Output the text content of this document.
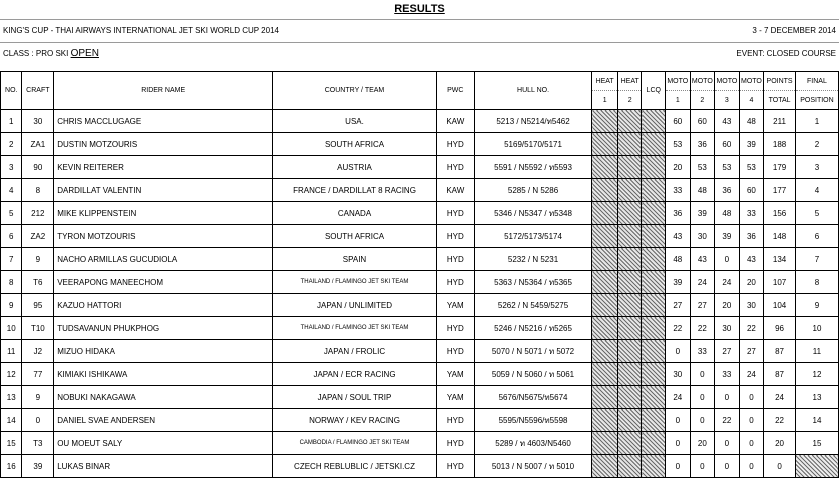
RESULTS
KING'S CUP - THAI AIRWAYS INTERNATIONAL JET SKI WORLD CUP 2014	3 - 7 DECEMBER 2014
CLASS : PRO SKI OPEN	EVENT: CLOSED COURSE
NO.	CRAFT	RIDER NAME	COUNTRY / TEAM	PWC	HULL NO.	HEAT	HEAT	LCQ	MOTO	MOTO	MOTO	MOTO	POINTS	FINAL
						1	2		1	2	3	4	TOTAL	POSITION
1	30	CHRIS MACCLUGAGE	USA.	KAW	5213 / N5214/ท5462				60	60	43	48	211	1
2	ZA1	DUSTIN MOTZOURIS	SOUTH AFRICA	HYD	5169/5170/5171				53	36	60	39	188	2
3	90	KEVIN REITERER	AUSTRIA	HYD	5591 / N5592 / ท5593				20	53	53	53	179	3
4	8	DARDILLAT VALENTIN	FRANCE / DARDILLAT 8 RACING	KAW	5285 / N 5286				33	48	36	60	177	4
5	212	MIKE KLIPPENSTEIN	CANADA	HYD	5346 / N5347 / ท5348				36	39	48	33	156	5
6	ZA2	TYRON MOTZOURIS	SOUTH AFRICA	HYD	5172/5173/5174				43	30	39	36	148	6
7	9	NACHO ARMILLAS GUCUDIOLA	SPAIN	HYD	5232 / N 5231				48	43	0	43	134	7
8	T6	VEERAPONG MANEECHOM	THAILAND / FLAMINGO JET SKI TEAM	HYD	5363 / N5364 / ท5365				39	24	24	20	107	8
9	95	KAZUO HATTORI	JAPAN / UNLIMITED	YAM	5262 / N 5459/5275				27	27	20	30	104	9
10	T10	TUDSAVANUN PHUKPHOG	THAILAND / FLAMINGO JET SKI TEAM	HYD	5246 / N5216 / ท5265				22	22	30	22	96	10
11	J2	MIZUO HIDAKA	JAPAN / FROLIC	HYD	5070 / N 5071 / ท 5072				0	33	27	27	87	11
12	77	KIMIAKI ISHIKAWA	JAPAN / ECR RACING	YAM	5059 / N 5060 / ท 5061				30	0	33	24	87	12
13	9	NOBUKI NAKAGAWA	JAPAN / SOUL TRIP	YAM	5676/N5675/ท5674				24	0	0	0	24	13
14	0	DANIEL SVAE ANDERSEN	NORWAY / KEV RACING	HYD	5595/N5596/ท5598				0	0	22	0	22	14
15	T3	OU MOEUT SALY	CAMBODIA / FLAMINGO JET SKI TEAM	HYD	5289 / ท 4603/N5460				0	20	0	0	20	15
16	39	LUKAS BINAR	CZECH REBLUBLIC / JETSKI.CZ	HYD	5013 / N 5007 / ท 5010				0	0	0	0	0	
